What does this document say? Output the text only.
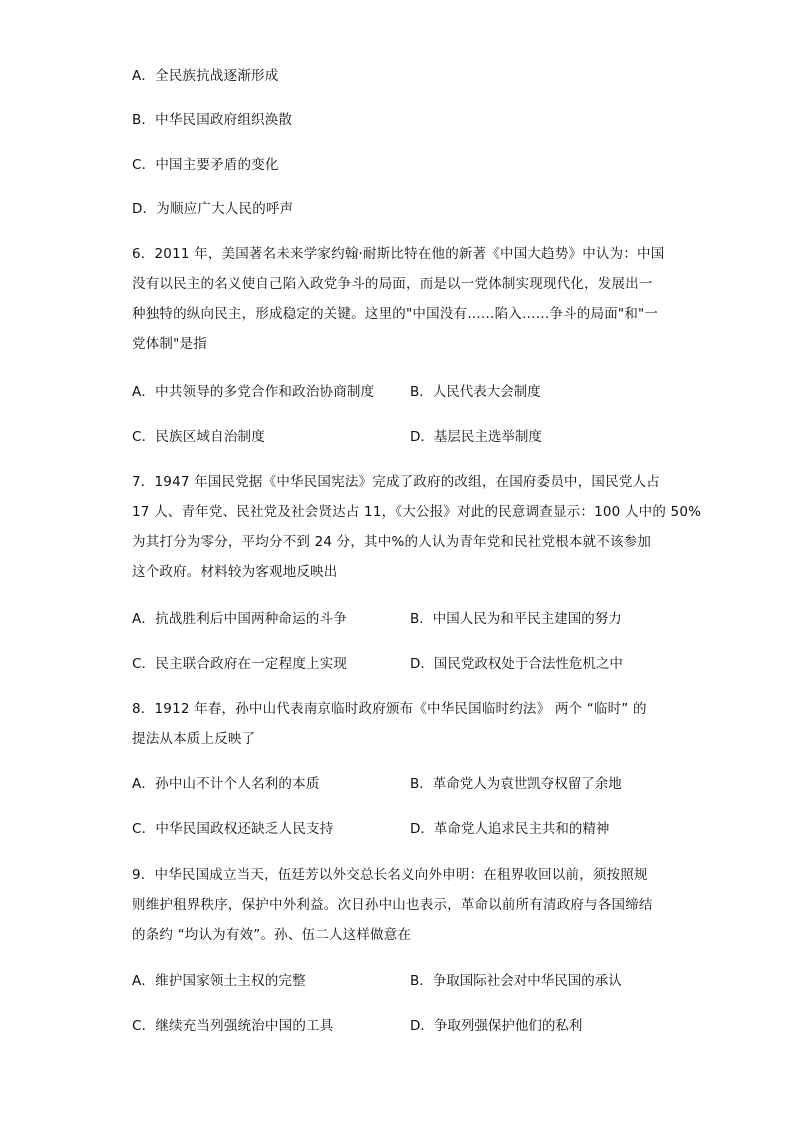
A．全民族抗战逐渐形成
B．中华民国政府组织涣散
C．中国主要矛盾的变化
D．为顺应广大人民的呼声
6．2011 年，美国著名未来学家约翰·耐斯比特在他的新著《中国大趋势》中认为：中国
没有以民主的名义使自己陷入政党争斗的局面，而是以一党体制实现现代化，发展出一
种独特的纵向民主，形成稳定的关键。这里的"中国没有……陷入……争斗的局面"和"一
党体制"是指
A．中共领导的多党合作和政治协商制度	B．人民代表大会制度
C．民族区域自治制度	D．基层民主选举制度
7．1947 年国民党据《中华民国宪法》完成了政府的改组，在国府委员中，国民党人占
17 人、青年党、民社党及社会贤达占 11，《大公报》对此的民意调查显示：100 人中的 50%
为其打分为零分，平均分不到 24 分，其中%的人认为青年党和民社党根本就不该参加
这个政府。材料较为客观地反映出
A．抗战胜利后中国两种命运的斗争	B．中国人民为和平民主建国的努力
C．民主联合政府在一定程度上实现	D．国民党政权处于合法性危机之中
8．1912 年春，孙中山代表南京临时政府颁布《中华民国临时约法》 两个 “临时” 的
提法从本质上反映了
A．孙中山不计个人名利的本质	B．革命党人为袁世凯夺权留了余地
C．中华民国政权还缺乏人民支持	D．革命党人追求民主共和的精神
9．中华民国成立当天，伍廷芳以外交总长名义向外申明：在租界收回以前，须按照规
则维护租界秩序，保护中外利益。次日孙中山也表示，革命以前所有清政府与各国缔结
的条约 “均认为有效”。孙、伍二人这样做意在
A．维护国家领土主权的完整	B．争取国际社会对中华民国的承认
C．继续充当列强统治中国的工具	D．争取列强保护他们的私利
